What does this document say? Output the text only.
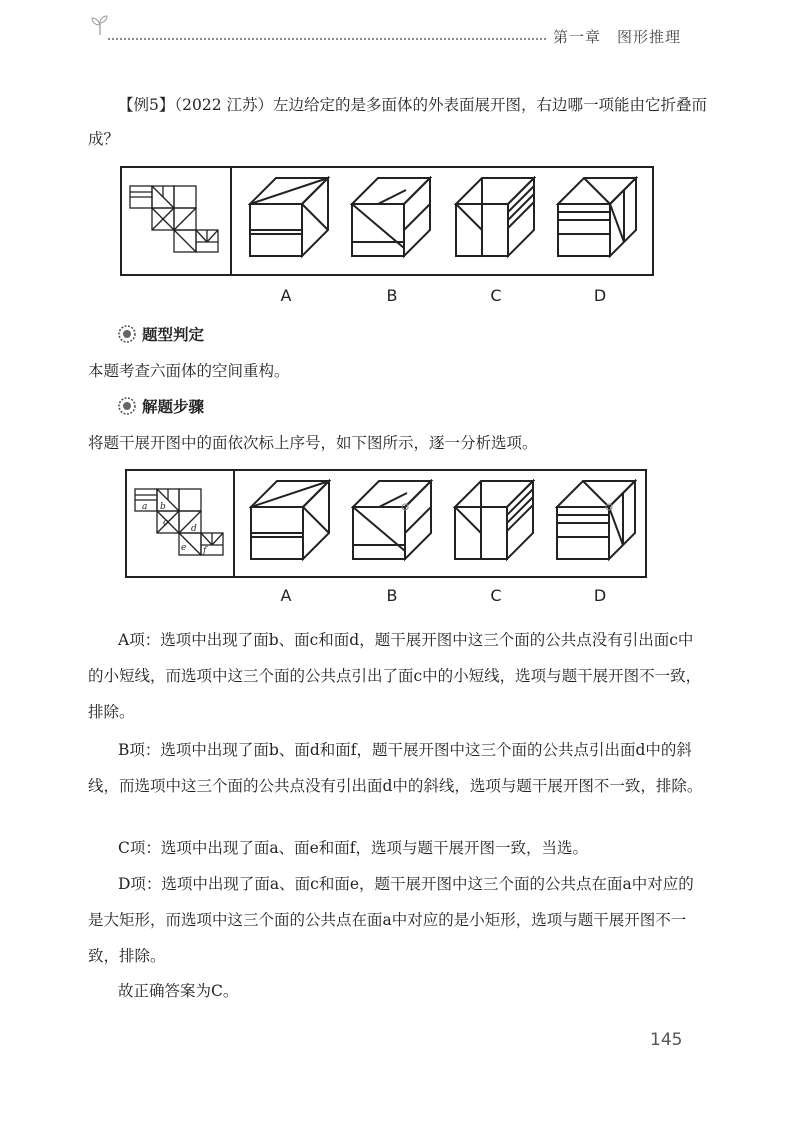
第一章　图形推理
【例5】（2022 江苏）左边给定的是多面体的外表面展开图，右边哪一项能由它折叠而成？
A	B	C	D
题型判定
本题考查六面体的空间重构。
解题步骤
将题干展开图中的面依次标上序号，如下图所示，逐一分析选项。
a b
c
d
e f
A	B	C	D
A项：选项中出现了面b、面c和面d，题干展开图中这三个面的公共点没有引出面c中的小短线，而选项中这三个面的公共点引出了面c中的小短线，选项与题干展开图不一致，排除。
B项：选项中出现了面b、面d和面f，题干展开图中这三个面的公共点引出面d中的斜线，而选项中这三个面的公共点没有引出面d中的斜线，选项与题干展开图不一致，排除。
C项：选项中出现了面a、面e和面f，选项与题干展开图一致，当选。
D项：选项中出现了面a、面c和面e，题干展开图中这三个面的公共点在面a中对应的是大矩形，而选项中这三个面的公共点在面a中对应的是小矩形，选项与题干展开图不一致，排除。
故正确答案为C。
145
